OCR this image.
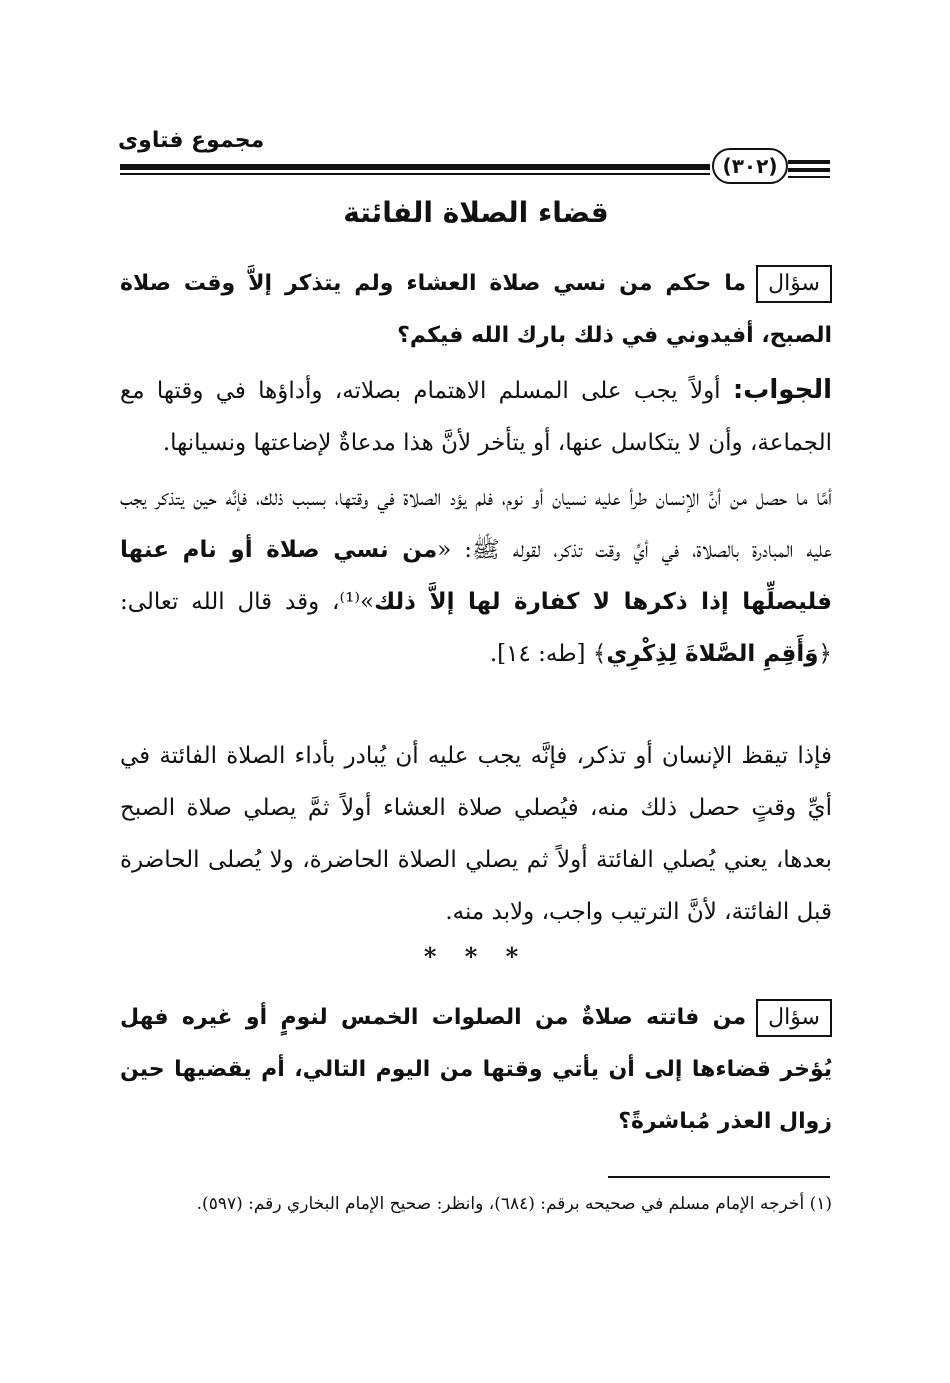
مجموع فتاوى
(٣٠٢)
قضاء الصلاة الفائتة
سؤالما حكم من نسي صلاة العشاء ولم يتذكر إلاَّ وقت صلاة الصبح، أفيدوني في ذلك بارك الله فيكم؟
الجواب: أولاً يجب على المسلم الاهتمام بصلاته، وأداؤها في وقتها مع الجماعة، وأن لا يتكاسل عنها، أو يتأخر لأنَّ هذا مدعاةٌ لإضاعتها ونسيانها.
أمَّا ما حصل من أنَّ الإنسان طرأ عليه نسيان أو نوم، فلم يؤد الصلاة في وقتها، بسبب ذلك، فإنَّه حين يتذكر يجب عليه المبادرة بالصلاة، في أيِّ وقت تذكر، لقوله ﷺ: «من نسي صلاة أو نام عنها فليصلِّها إذا ذكرها لا كفارة لها إلاَّ ذلك»⁽¹⁾، وقد قال الله تعالى: ﴿وَأَقِمِ الصَّلاةَ لِذِكْرِي﴾ [طه: ١٤].
فإذا تيقظ الإنسان أو تذكر، فإنَّه يجب عليه أن يُبادر بأداء الصلاة الفائتة في أيِّ وقتٍ حصل ذلك منه، فيُصلي صلاة العشاء أولاً ثمَّ يصلي صلاة الصبح بعدها، يعني يُصلي الفائتة أولاً ثم يصلي الصلاة الحاضرة، ولا يُصلى الحاضرة قبل الفائتة، لأنَّ الترتيب واجب، ولابد منه.
* * *
سؤالمن فاتته صلاةٌ من الصلوات الخمس لنومٍ أو غيره فهل يُؤخر قضاءها إلى أن يأتي وقتها من اليوم التالي، أم يقضيها حين زوال العذر مُباشرةً؟
(١) أخرجه الإمام مسلم في صحيحه برقم: (٦٨٤)، وانظر: صحيح الإمام البخاري رقم: (٥٩٧).
